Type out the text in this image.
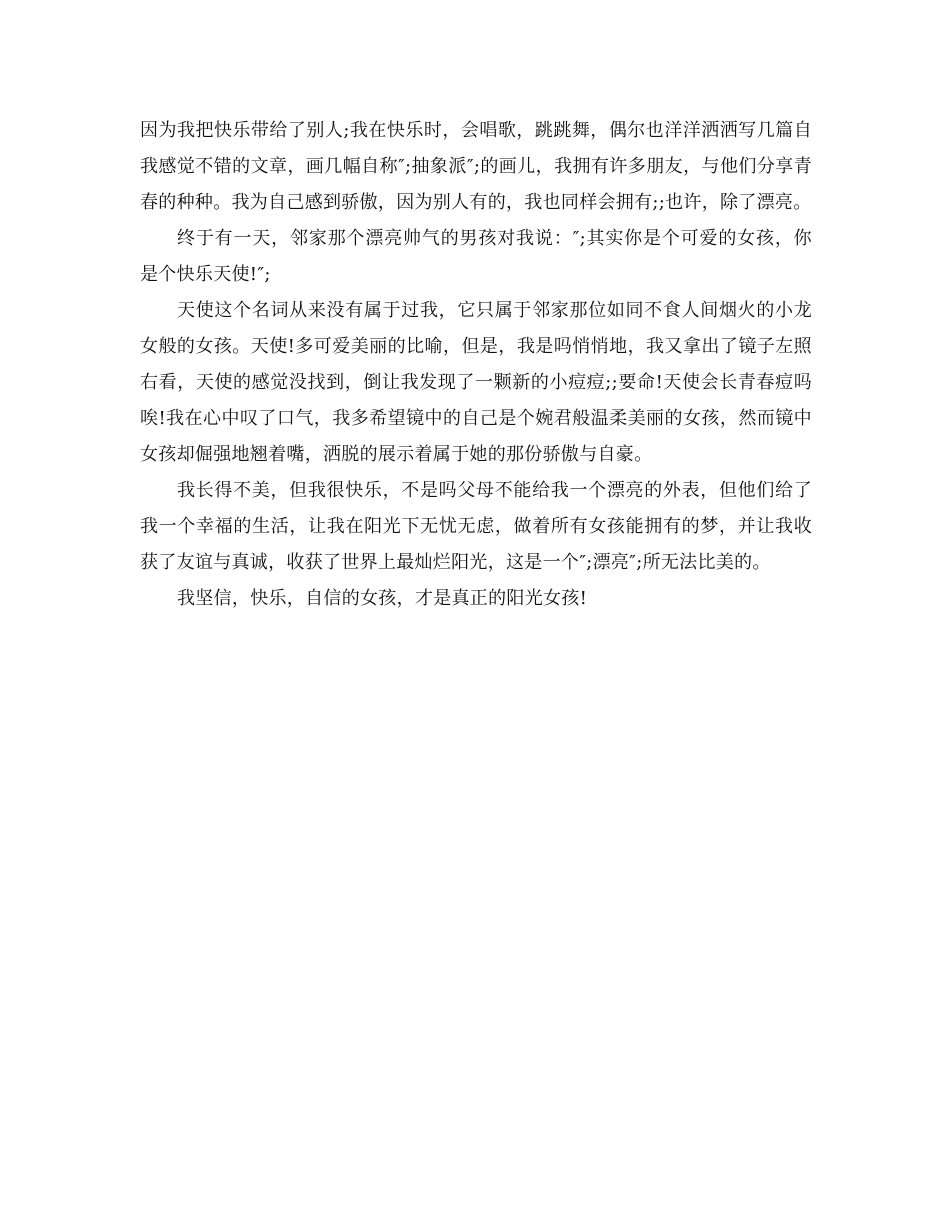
因为我把快乐带给了别人;我在快乐时，会唱歌，跳跳舞，偶尔也洋洋洒洒写几篇自我感觉不错的文章，画几幅自称″;抽象派″;的画儿，我拥有许多朋友，与他们分享青春的种种。我为自己感到骄傲，因为别人有的，我也同样会拥有;;也许，除了漂亮。

终于有一天，邻家那个漂亮帅气的男孩对我说：″;其实你是个可爱的女孩，你是个快乐天使!″;

天使这个名词从来没有属于过我，它只属于邻家那位如同不食人间烟火的小龙女般的女孩。天使!多可爱美丽的比喻，但是，我是吗悄悄地，我又拿出了镜子左照右看，天使的感觉没找到，倒让我发现了一颗新的小痘痘;;要命!天使会长青春痘吗唉!我在心中叹了口气，我多希望镜中的自己是个婉君般温柔美丽的女孩，然而镜中女孩却倔强地翘着嘴，洒脱的展示着属于她的那份骄傲与自豪。

我长得不美，但我很快乐，不是吗父母不能给我一个漂亮的外表，但他们给了我一个幸福的生活，让我在阳光下无忧无虑，做着所有女孩能拥有的梦，并让我收获了友谊与真诚，收获了世界上最灿烂阳光，这是一个″;漂亮″;所无法比美的。

我坚信，快乐，自信的女孩，才是真正的阳光女孩!
